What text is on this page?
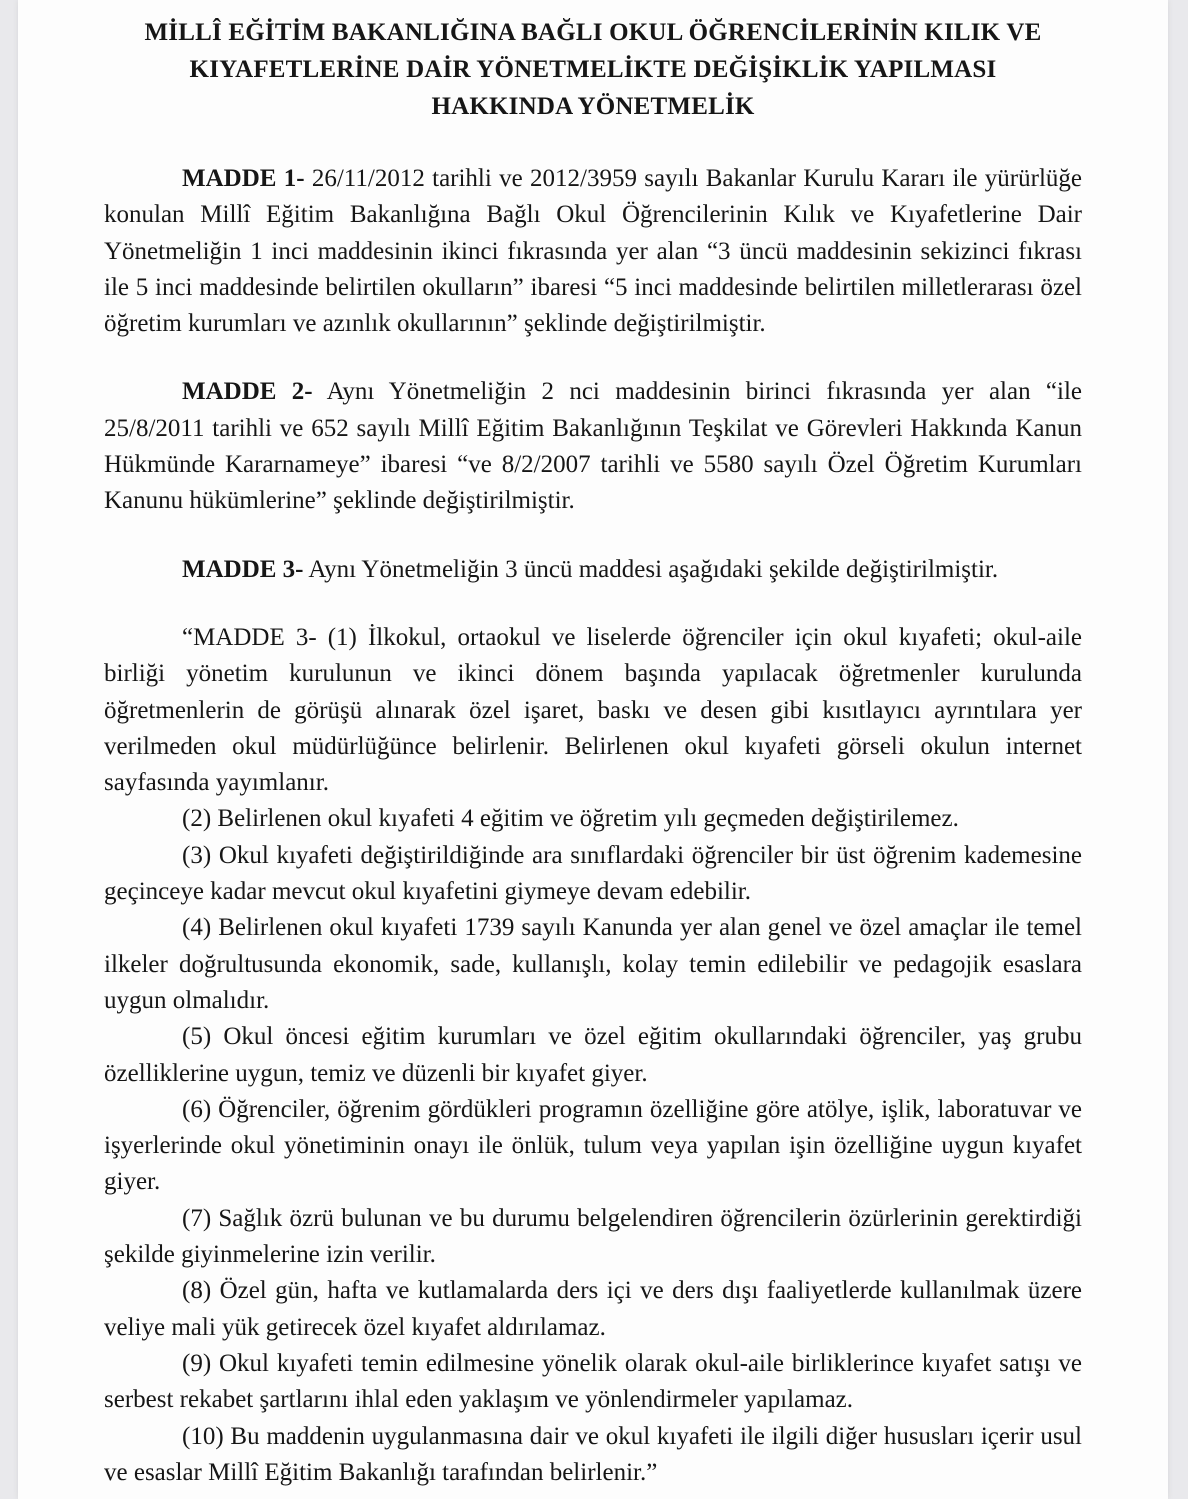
MİLLÎ EĞİTİM BAKANLIĞINA BAĞLI OKUL ÖĞRENCİLERİNİN KILIK VE
KIYAFETLERİNE DAİR YÖNETMELİKTE DEĞİŞİKLİK YAPILMASI
HAKKINDA YÖNETMELİK

MADDE 1- 26/11/2012 tarihli ve 2012/3959 sayılı Bakanlar Kurulu Kararı ile yürürlüğe konulan Millî Eğitim Bakanlığına Bağlı Okul Öğrencilerinin Kılık ve Kıyafetlerine Dair Yönetmeliğin 1 inci maddesinin ikinci fıkrasında yer alan “3 üncü maddesinin sekizinci fıkrası ile 5 inci maddesinde belirtilen okulların” ibaresi “5 inci maddesinde belirtilen milletlerarası özel öğretim kurumları ve azınlık okullarının” şeklinde değiştirilmiştir.

MADDE 2- Aynı Yönetmeliğin 2 nci maddesinin birinci fıkrasında yer alan “ile 25/8/2011 tarihli ve 652 sayılı Millî Eğitim Bakanlığının Teşkilat ve Görevleri Hakkında Kanun Hükmünde Kararnameye” ibaresi “ve 8/2/2007 tarihli ve 5580 sayılı Özel Öğretim Kurumları Kanunu hükümlerine” şeklinde değiştirilmiştir.

MADDE 3- Aynı Yönetmeliğin 3 üncü maddesi aşağıdaki şekilde değiştirilmiştir.

“MADDE 3- (1) İlkokul, ortaokul ve liselerde öğrenciler için okul kıyafeti; okul-aile birliği yönetim kurulunun ve ikinci dönem başında yapılacak öğretmenler kurulunda öğretmenlerin de görüşü alınarak özel işaret, baskı ve desen gibi kısıtlayıcı ayrıntılara yer verilmeden okul müdürlüğünce belirlenir. Belirlenen okul kıyafeti görseli okulun internet sayfasında yayımlanır.

(2) Belirlenen okul kıyafeti 4 eğitim ve öğretim yılı geçmeden değiştirilemez.

(3) Okul kıyafeti değiştirildiğinde ara sınıflardaki öğrenciler bir üst öğrenim kademesine geçinceye kadar mevcut okul kıyafetini giymeye devam edebilir.

(4) Belirlenen okul kıyafeti 1739 sayılı Kanunda yer alan genel ve özel amaçlar ile temel ilkeler doğrultusunda ekonomik, sade, kullanışlı, kolay temin edilebilir ve pedagojik esaslara uygun olmalıdır.

(5) Okul öncesi eğitim kurumları ve özel eğitim okullarındaki öğrenciler, yaş grubu özelliklerine uygun, temiz ve düzenli bir kıyafet giyer.

(6) Öğrenciler, öğrenim gördükleri programın özelliğine göre atölye, işlik, laboratuvar ve işyerlerinde okul yönetiminin onayı ile önlük, tulum veya yapılan işin özelliğine uygun kıyafet giyer.

(7) Sağlık özrü bulunan ve bu durumu belgelendiren öğrencilerin özürlerinin gerektirdiği şekilde giyinmelerine izin verilir.

(8) Özel gün, hafta ve kutlamalarda ders içi ve ders dışı faaliyetlerde kullanılmak üzere veliye mali yük getirecek özel kıyafet aldırılamaz.

(9) Okul kıyafeti temin edilmesine yönelik olarak okul-aile birliklerince kıyafet satışı ve serbest rekabet şartlarını ihlal eden yaklaşım ve yönlendirmeler yapılamaz.

(10) Bu maddenin uygulanmasına dair ve okul kıyafeti ile ilgili diğer hususları içerir usul ve esaslar Millî Eğitim Bakanlığı tarafından belirlenir.”
